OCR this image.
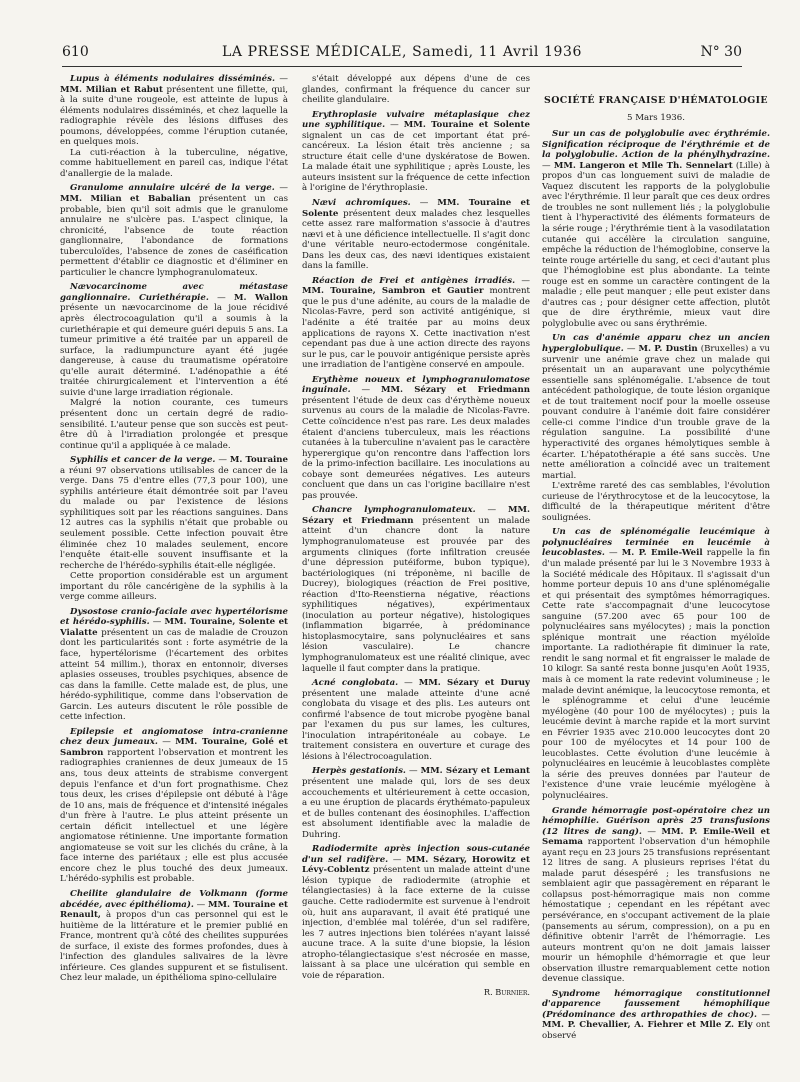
610	LA PRESSE MÉDICALE, Samedi, 11 Avril 1936	N° 30

Lupus à éléments nodulaires disséminés. — MM. Milian et Rabut présentent une fillette, qui, à la suite d'une rougeole, est atteinte de lupus à éléments nodulaires disséminés, et chez laquelle la radiographie révèle des lésions diffuses des poumons, développées, comme l'éruption cutanée, en quelques mois.

La cuti-réaction à la tuberculine, négative, comme habituellement en pareil cas, indique l'état d'anallergie de la malade.

Granulome annulaire ulcéré de la verge. — MM. Milian et Babalian présentent un cas probable, bien qu'il soit admis que le granulome annulaire ne s'ulcère pas. L'aspect clinique, la chronicité, l'absence de toute réaction ganglionnaire, l'abondance de formations tuberculoïdes, l'absence de zones de caséification permettent d'établir ce diagnostic et d'éliminer en particulier le chancre lymphogranulomateux.

Nævocarcinome avec métastase ganglionnaire. Curiethérapie. — M. Wallon présente un nævocarcinome de la joue récidivé après électrocoagulation qu'il a soumis à la curiethérapie et qui demeure guéri depuis 5 ans. La tumeur primitive a été traitée par un appareil de surface, la radiumpuncture ayant été jugée dangereuse, à cause du traumatisme opératoire qu'elle aurait déterminé. L'adénopathie a été traitée chirurgicalement et l'intervention a été suivie d'une large irradiation régionale.

Malgré la notion courante, ces tumeurs présentent donc un certain degré de radio-sensibilité. L'auteur pense que son succès est peut-être dû à l'irradiation prolongée et presque continue qu'il a appliquée à ce malade.

Syphilis et cancer de la verge. — M. Touraine a réuni 97 observations utilisables de cancer de la verge. Dans 75 d'entre elles (77,3 pour 100), une syphilis antérieure était démontrée soit par l'aveu du malade ou par l'existence de lésions syphilitiques soit par les réactions sanguines. Dans 12 autres cas la syphilis n'était que probable ou seulement possible. Cette infection pouvait être éliminée chez 10 malades seulement, encore l'enquête était-elle souvent insuffisante et la recherche de l'hérédo-syphilis était-elle négligée.

Cette proportion considérable est un argument important du rôle cancérigène de la syphilis à la verge comme ailleurs.

Dysostose cranio-faciale avec hypertélorisme et hérédo-syphilis. — MM. Touraine, Solente et Vialatte présentent un cas de maladie de Crouzon dont les particularités sont : forte asymétrie de la face, hypertélorisme (l'écartement des orbites atteint 54 millim.), thorax en entonnoir, diverses aplasies osseuses, troubles psychiques, absence de cas dans la famille. Cette malade est, de plus, une hérédo-syphilitique, comme dans l'observation de Garcin. Les auteurs discutent le rôle possible de cette infection.

Epilepsie et angiomatose intra-cranienne chez deux jumeaux. — MM. Touraine, Golé et Sambron rapportent l'observation et montrent les radiographies craniennes de deux jumeaux de 15 ans, tous deux atteints de strabisme convergent depuis l'enfance et d'un fort prognathisme. Chez tous deux, les crises d'épilepsie ont débuté à l'âge de 10 ans, mais de fréquence et d'intensité inégales d'un frère à l'autre. Le plus atteint présente un certain déficit intellectuel et une légère angiomatose rétinienne. Une importante formation angiomateuse se voit sur les clichés du crâne, à la face interne des pariétaux ; elle est plus accusée encore chez le plus touché des deux jumeaux. L'hérédo-syphilis est probable.

Cheilite glandulaire de Volkmann (forme abcédée, avec épithélioma). — MM. Touraine et Renault, à propos d'un cas personnel qui est le huitième de la littérature et le premier publié en France, montrent qu'à côté des cheilites suppurées de surface, il existe des formes profondes, dues à l'infection des glandules salivaires de la lèvre inférieure. Ces glandes suppurent et se fistulisent. Chez leur malade, un épithélioma spino-cellulaire

s'était développé aux dépens d'une de ces glandes, confirmant la fréquence du cancer sur cheilite glandulaire.

Erythroplasie vulvaire métaplasique chez une syphilitique. — MM. Touraine et Solente signalent un cas de cet important état pré-cancéreux. La lésion était très ancienne ; sa structure était celle d'une dyskératose de Bowen. La malade était une syphilitique ; après Louste, les auteurs insistent sur la fréquence de cette infection à l'origine de l'érythroplasie.

Nævi achromiques. — MM. Touraine et Solente présentent deux malades chez lesquelles cette assez rare malformation s'associe à d'autres nævi et à une déficience intellectuelle. Il s'agit donc d'une véritable neuro-ectodermose congénitale. Dans les deux cas, des nævi identiques existaient dans la famille.

Réaction de Frei et antigènes irradiés. — MM. Touraine, Sambron et Gautier montrent que le pus d'une adénite, au cours de la maladie de Nicolas-Favre, perd son activité antigénique, si l'adénite a été traitée par au moins deux applications de rayons X. Cette inactivation n'est cependant pas due à une action directe des rayons sur le pus, car le pouvoir antigénique persiste après une irradiation de l'antigène conservé en ampoule.

Erythème noueux et lymphogranulomatose inguinale. — MM. Sézary et Friedmann présentent l'étude de deux cas d'érythème noueux survenus au cours de la maladie de Nicolas-Favre. Cette coïncidence n'est pas rare. Les deux malades étaient d'anciens tuberculeux, mais les réactions cutanées à la tuberculine n'avaient pas le caractère hyperergique qu'on rencontre dans l'affection lors de la primo-infection bacillaire. Les inoculations au cobaye sont demeurées négatives. Les auteurs concluent que dans un cas l'origine bacillaire n'est pas prouvée.

Chancre lymphogranulomateux. — MM. Sézary et Friedmann présentent un malade atteint d'un chancre dont la nature lymphogranulomateuse est prouvée par des arguments cliniques (forte infiltration creusée d'une dépression putéiforme, bubon typique), bactériologiques (ni tréponème, ni bacille de Ducrey), biologiques (réaction de Frei positive, réaction d'Ito-Reenstierna négative, réactions syphilitiques négatives), expérimentaux (inoculation au porteur négative), histologiques (inflammation bigarrée, à prédominance histoplasmocytaire, sans polynucléaires et sans lésion vasculaire). Le chancre lymphogranulomateux est une réalité clinique, avec laquelle il faut compter dans la pratique.

Acné conglobata. — MM. Sézary et Duruy présentent une malade atteinte d'une acné conglobata du visage et des plis. Les auteurs ont confirmé l'absence de tout microbe pyogène banal par l'examen du pus sur lames, les cultures, l'inoculation intrapéritonéale au cobaye. Le traitement consistera en ouverture et curage des lésions à l'électrocoagulation.

Herpès gestationis. — MM. Sézary et Lemant présentent une malade qui, lors de ses deux accouchements et ultérieurement à cette occasion, a eu une éruption de placards érythémato-papuleux et de bulles contenant des éosinophiles. L'affection est absolument identifiable avec la maladie de Duhring.

Radiodermite après injection sous-cutanée d'un sel radifère. — MM. Sézary, Horowitz et Lévy-Coblentz présentent un malade atteint d'une lésion typique de radiodermite (atrophie et télangiectasies) à la face externe de la cuisse gauche. Cette radiodermite est survenue à l'endroit où, huit ans auparavant, il avait été pratiqué une injection, d'emblée mal tolérée, d'un sel radifère, les 7 autres injections bien tolérées n'ayant laissé aucune trace. A la suite d'une biopsie, la lésion atropho-télangiectasique s'est nécrosée en masse, laissant à sa place une ulcération qui semble en voie de réparation.

R. Burnier.
SOCIÉTÉ FRANÇAISE D'HÉMATOLOGIE
5 Mars 1936.

Sur un cas de polyglobulie avec érythrémie. Signification réciproque de l'érythrémie et de la polyglobulie. Action de la phénylhydrazine. — MM. Langeron et Mlle Th. Sennelart (Lille) à propos d'un cas longuement suivi de maladie de Vaquez discutent les rapports de la polyglobulie avec l'érythrémie. Il leur paraît que ces deux ordres de troubles ne sont nullement liés ; la polyglobulie tient à l'hyperactivité des éléments formateurs de la série rouge ; l'érythrémie tient à la vasodilatation cutanée qui accélère la circulation sanguine, empêche la réduction de l'hémoglobine, conserve la teinte rouge artérielle du sang, et ceci d'autant plus que l'hémoglobine est plus abondante. La teinte rouge est en somme un caractère contingent de la maladie ; elle peut manquer ; elle peut exister dans d'autres cas ; pour désigner cette affection, plutôt que de dire érythrémie, mieux vaut dire polyglobulie avec ou sans érythrémie.

Un cas d'anémie apparu chez un ancien hyperglobulique. — M. P. Dustin (Bruxelles) a vu survenir une anémie grave chez un malade qui présentait un an auparavant une polycythémie essentielle sans splénomégalie. L'absence de tout antécédent pathologique, de toute lésion organique et de tout traitement nocif pour la moelle osseuse pouvant conduire à l'anémie doit faire considérer celle-ci comme l'indice d'un trouble grave de la régulation sanguine. La possibilité d'une hyperactivité des organes hémolytiques semble à écarter. L'hépatothérapie a été sans succès. Une nette amélioration a coïncidé avec un traitement martial.

L'extrême rareté des cas semblables, l'évolution curieuse de l'érythrocytose et de la leucocytose, la difficulté de la thérapeutique méritent d'être soulignées.

Un cas de splénomégalie leucémique à polynucléaires terminée en leucémie à leucoblastes. — M. P. Emile-Weil rappelle la fin d'un malade présenté par lui le 3 Novembre 1933 à la Société médicale des Hôpitaux. Il s'agissait d'un homme porteur depuis 10 ans d'une splénomégalie et qui présentait des symptômes hémorragiques. Cette rate s'accompagnait d'une leucocytose sanguine (57.200 avec 65 pour 100 de polynucléaires sans myélocytes) ; mais la ponction splénique montrait une réaction myéloïde importante. La radiothérapie fit diminuer la rate, rendit le sang normal et fit engraisser le malade de 10 kilogr. Sa santé resta bonne jusqu'en Août 1935, mais à ce moment la rate redevint volumineuse ; le malade devint anémique, la leucocytose remonta, et le splénogramme et celui d'une leucémie myélogène (40 pour 100 de myélocytes) ; puis la leucémie devint à marche rapide et la mort survint en Février 1935 avec 210.000 leucocytes dont 20 pour 100 de myélocytes et 14 pour 100 de leucoblastes. Cette évolution d'une leucémie à polynucléaires en leucémie à leucoblastes complète la série des preuves données par l'auteur de l'existence d'une vraie leucémie myélogène à polynucléaires.

Grande hémorragie post-opératoire chez un hémophilie. Guérison après 25 transfusions (12 litres de sang). — MM. P. Emile-Weil et Semama rapportent l'observation d'un hémophile ayant reçu en 23 jours 25 transfusions représentant 12 litres de sang. A plusieurs reprises l'état du malade parut désespéré ; les transfusions ne semblaient agir que passagèrement en réparant le collapsus post-hémorragique mais non comme hémostatique ; cependant en les répétant avec persévérance, en s'occupant activement de la plaie (pansements au sérum, compression), on a pu en définitive obtenir l'arrêt de l'hémorragie. Les auteurs montrent qu'on ne doit jamais laisser mourir un hémophile d'hémorragie et que leur observation illustre remarquablement cette notion devenue classique.

Syndrome hémorragique constitutionnel d'apparence faussement hémophilique (Prédominance des arthropathies de choc). — MM. P. Chevallier, A. Fiehrer et Mlle Z. Ely ont observé
